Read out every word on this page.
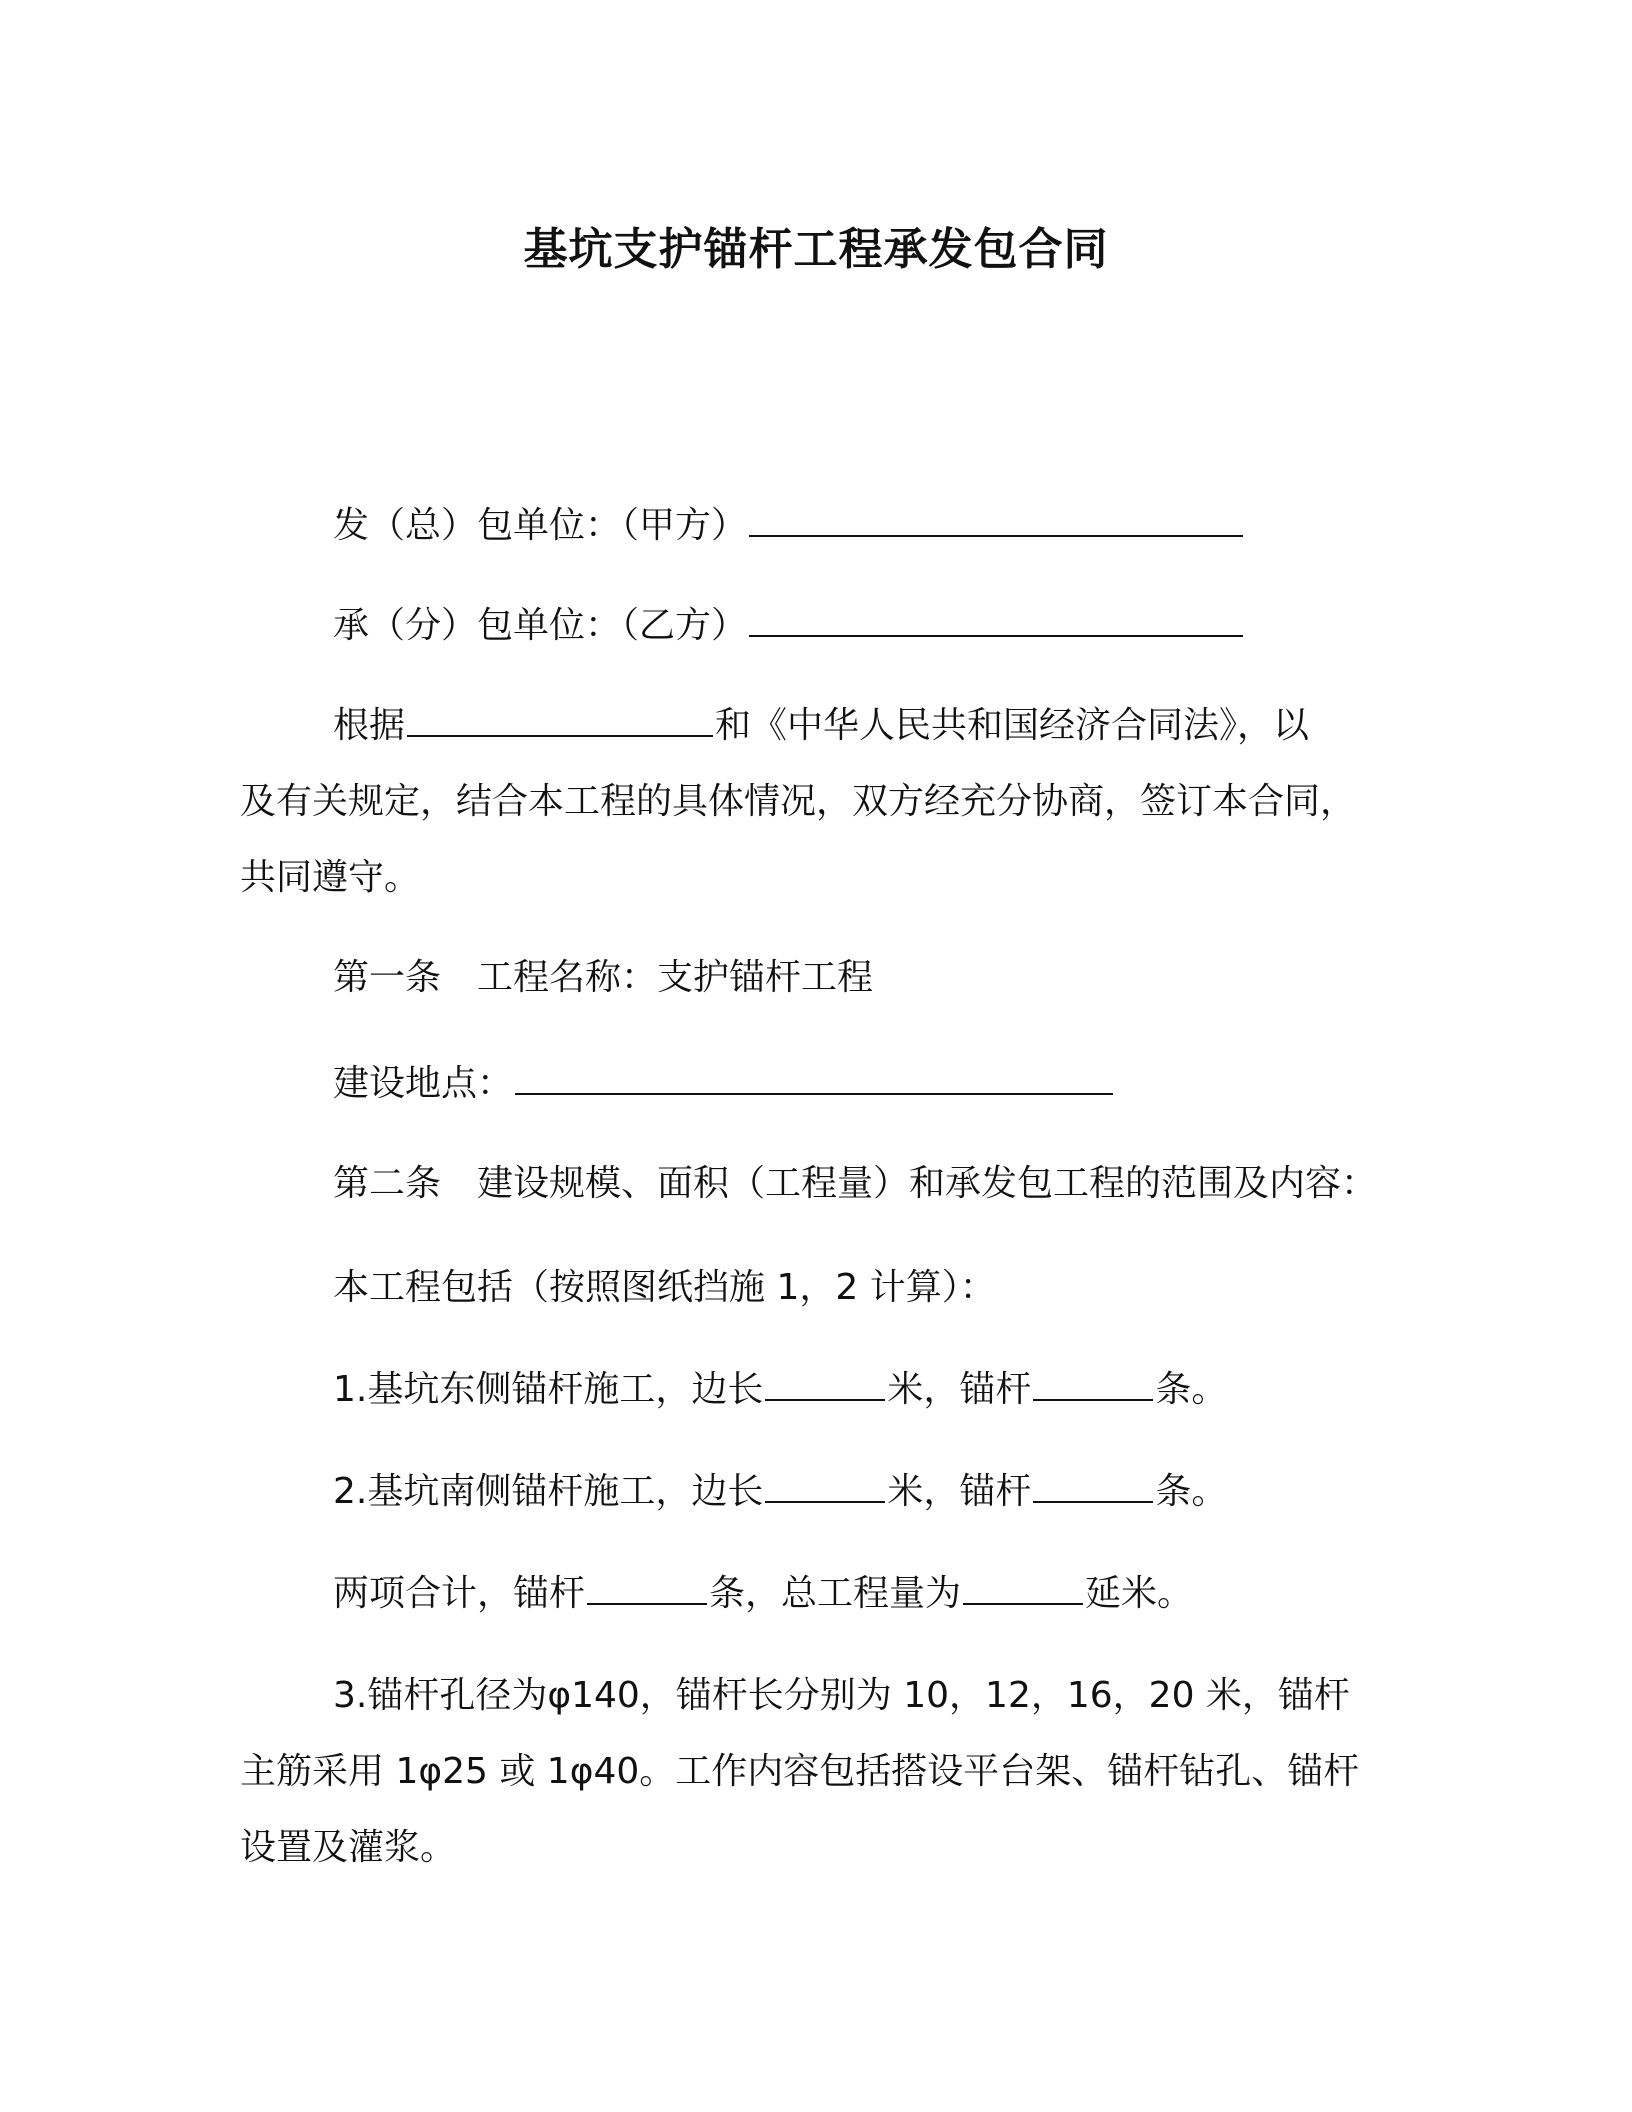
基坑支护锚杆工程承发包合同
发（总）包单位：（甲方）
承（分）包单位：（乙方）
根据	和《中华人民共和国经济合同法》，以
及有关规定，结合本工程的具体情况，双方经充分协商，签订本合同，
共同遵守。
第一条 工程名称：支护锚杆工程
建设地点：
第二条 建设规模、面积（工程量）和承发包工程的范围及内容：
本工程包括（按照图纸挡施 1，2 计算）：
1.基坑东侧锚杆施工，边长	米，锚杆	条。
2.基坑南侧锚杆施工，边长	米，锚杆	条。
两项合计，锚杆	条，总工程量为	延米。
3.锚杆孔径为φ140，锚杆长分别为 10，12，16，20 米，锚杆
主筋采用 1φ25 或 1φ40。工作内容包括搭设平台架、锚杆钻孔、锚杆
设置及灌浆。
